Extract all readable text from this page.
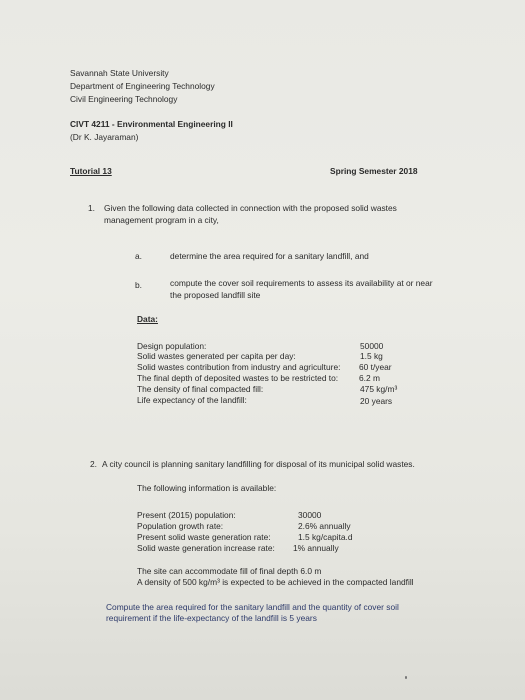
Savannah State University
Department of Engineering Technology
Civil Engineering Technology
CIVT 4211 - Environmental Engineering II
(Dr K. Jayaraman)
Tutorial 13	Spring Semester 2018
1. Given the following data collected in connection with the proposed solid wastes
management program in a city,
a.	determine the area required for a sanitary landfill, and
b.	compute the cover soil requirements to assess its availability at or near
the proposed landfill site
Data:
Design population:	50000
Solid wastes generated per capita per day:	1.5 kg
Solid wastes contribution from industry and agriculture: 60 t/year
The final depth of deposited wastes to be restricted to: 6.2 m
The density of final compacted fill:	475 kg/m³
Life expectancy of the landfill:	20 years
2. A city council is planning sanitary landfilling for disposal of its municipal solid wastes.
The following information is available:
Present (2015) population:	30000
Population growth rate:	2.6% annually
Present solid waste generation rate:	1.5 kg/capita.d
Solid waste generation increase rate: 1% annually
The site can accommodate fill of final depth 6.0 m
A density of 500 kg/m³ is expected to be achieved in the compacted landfill
Compute the area required for the sanitary landfill and the quantity of cover soil
requirement if the life-expectancy of the landfill is 5 years
